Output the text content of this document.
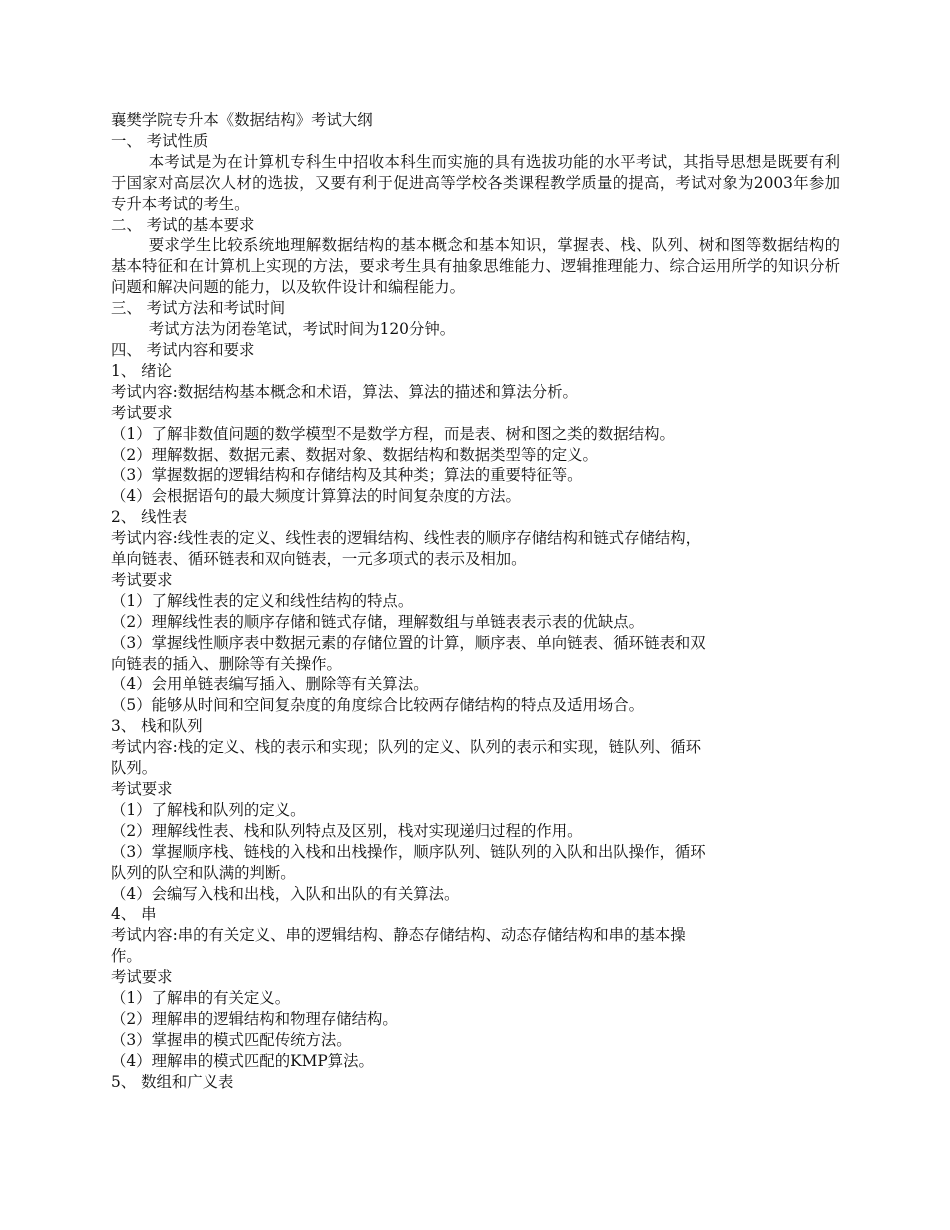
襄樊学院专升本《数据结构》考试大纲
一、 考试性质
本考试是为在计算机专科生中招收本科生而实施的具有选拔功能的水平考试，其指导思想是既要有利于国家对高层次人材的选拔，又要有利于促进高等学校各类课程教学质量的提高，考试对象为2003年参加专升本考试的考生。
二、 考试的基本要求
要求学生比较系统地理解数据结构的基本概念和基本知识，掌握表、栈、队列、树和图等数据结构的基本特征和在计算机上实现的方法，要求考生具有抽象思维能力、逻辑推理能力、综合运用所学的知识分析问题和解决问题的能力，以及软件设计和编程能力。
三、 考试方法和考试时间
考试方法为闭卷笔试，考试时间为120分钟。
四、 考试内容和要求
1、 绪论
考试内容:数据结构基本概念和术语，算法、算法的描述和算法分析。
考试要求
（1）了解非数值问题的数学模型不是数学方程，而是表、树和图之类的数据结构。
（2）理解数据、数据元素、数据对象、数据结构和数据类型等的定义。
（3）掌握数据的逻辑结构和存储结构及其种类；算法的重要特征等。
（4）会根据语句的最大频度计算算法的时间复杂度的方法。
2、 线性表
考试内容:线性表的定义、线性表的逻辑结构、线性表的顺序存储结构和链式存储结构，
单向链表、循环链表和双向链表，一元多项式的表示及相加。
考试要求
（1）了解线性表的定义和线性结构的特点。
（2）理解线性表的顺序存储和链式存储，理解数组与单链表表示表的优缺点。
（3）掌握线性顺序表中数据元素的存储位置的计算，顺序表、单向链表、循环链表和双
向链表的插入、删除等有关操作。
（4）会用单链表编写插入、删除等有关算法。
（5）能够从时间和空间复杂度的角度综合比较两存储结构的特点及适用场合。
3、 栈和队列
考试内容:栈的定义、栈的表示和实现；队列的定义、队列的表示和实现，链队列、循环
队列。
考试要求
（1）了解栈和队列的定义。
（2）理解线性表、栈和队列特点及区别，栈对实现递归过程的作用。
（3）掌握顺序栈、链栈的入栈和出栈操作，顺序队列、链队列的入队和出队操作，循环
队列的队空和队满的判断。
（4）会编写入栈和出栈，入队和出队的有关算法。
4、 串
考试内容:串的有关定义、串的逻辑结构、静态存储结构、动态存储结构和串的基本操
作。
考试要求
（1）了解串的有关定义。
（2）理解串的逻辑结构和物理存储结构。
（3）掌握串的模式匹配传统方法。
（4）理解串的模式匹配的KMP算法。
5、 数组和广义表
